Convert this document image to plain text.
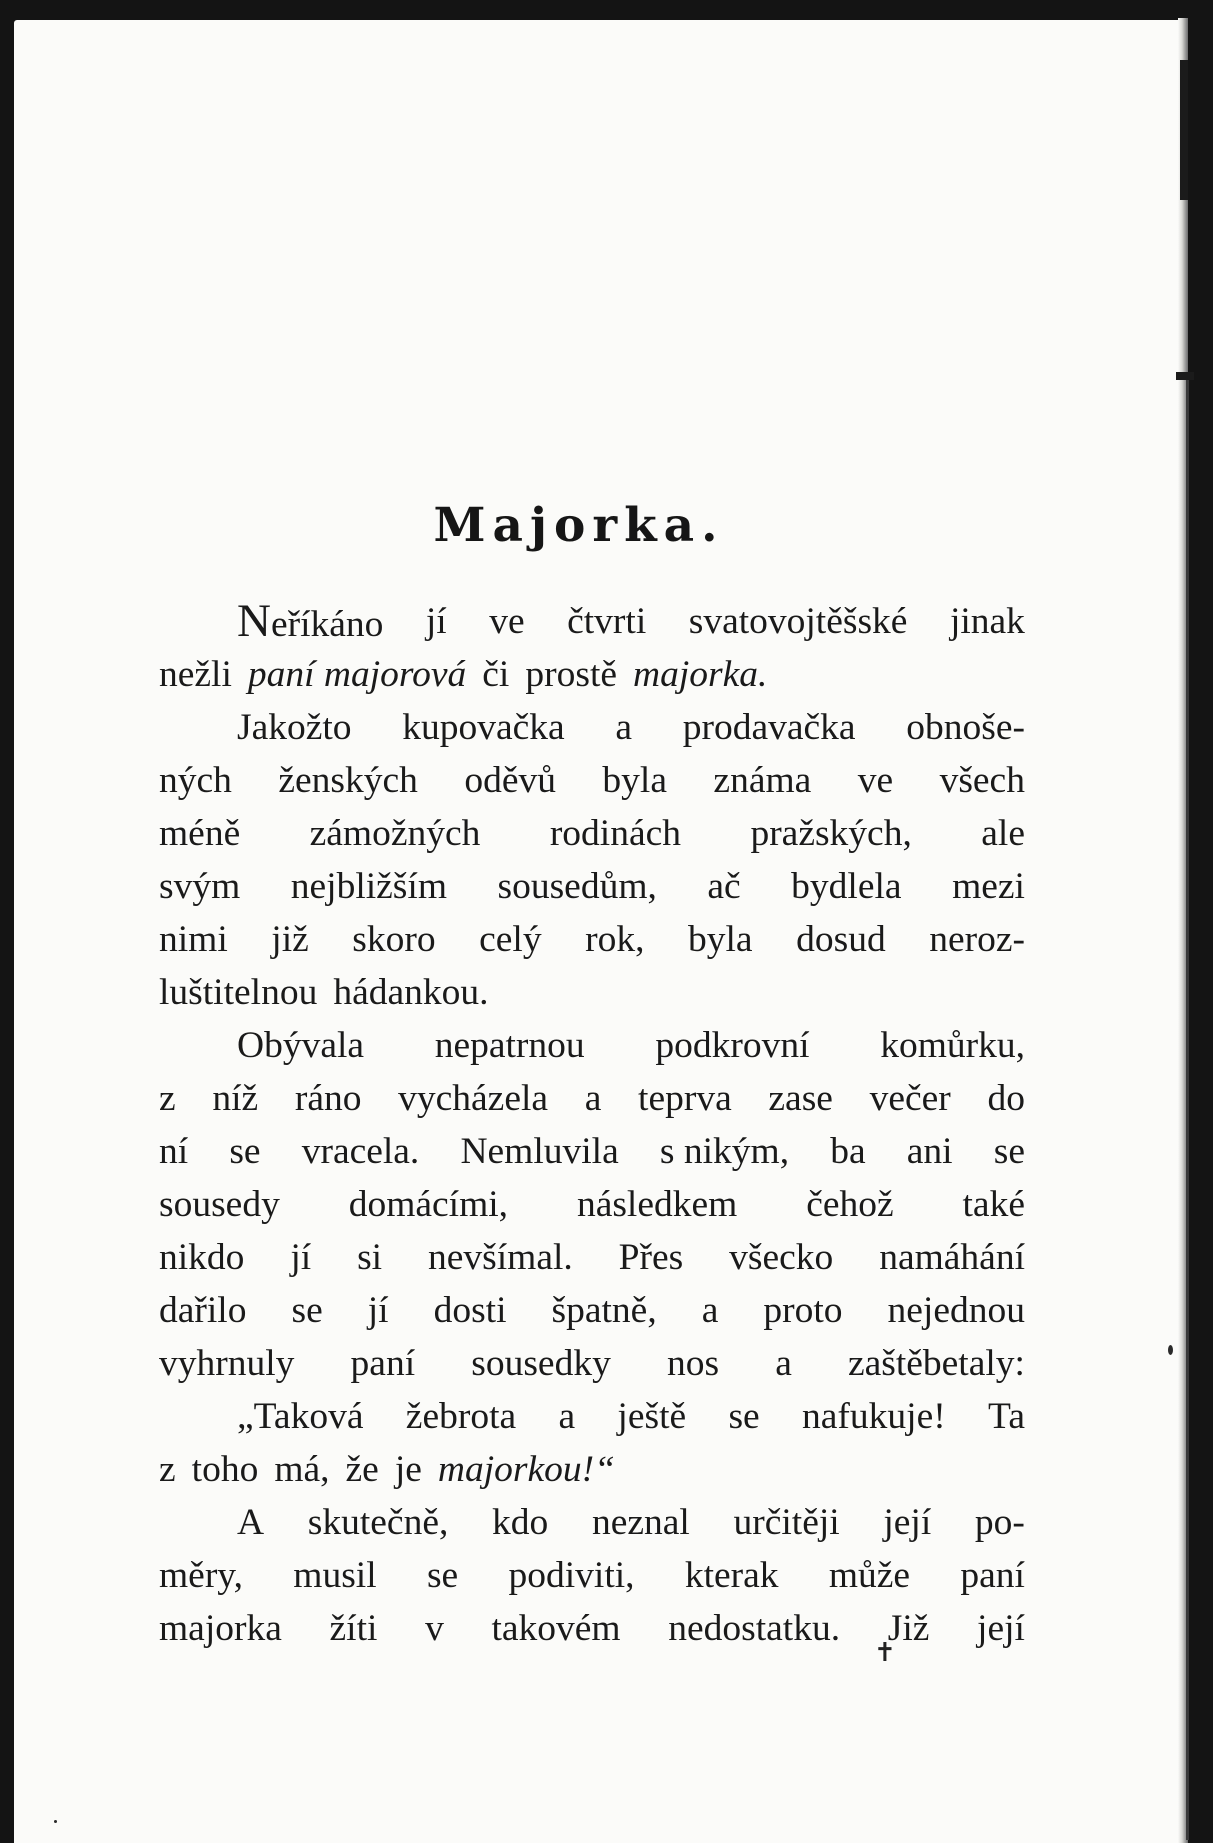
Majorka.
Neříkáno jí ve čtvrti svatovojtěšské jinak
nežli paní majorová či prostě majorka.
Jakožto kupovačka a prodavačka obnoše-
ných ženských oděvů byla známa ve všech
méně zámožných rodinách pražských, ale
svým nejbližším sousedům, ač bydlela mezi
nimi již skoro celý rok, byla dosud neroz-
luštitelnou hádankou.
Obývala nepatrnou podkrovní komůrku,
z níž ráno vycházela a teprva zase večer do
ní se vracela. Nemluvila s nikým, ba ani se
sousedy domácími, následkem čehož také
nikdo jí si nevšímal. Přes všecko namáhání
dařilo se jí dosti špatně, a proto nejednou
vyhrnuly paní sousedky nos a zaštěbetaly:
„Taková žebrota a ještě se nafukuje! Ta
z toho má, že je majorkou!“
A skutečně, kdo neznal určitěji její po-
měry, musil se podiviti, kterak může paní
majorka žíti v takovém nedostatku. Již její
✝
